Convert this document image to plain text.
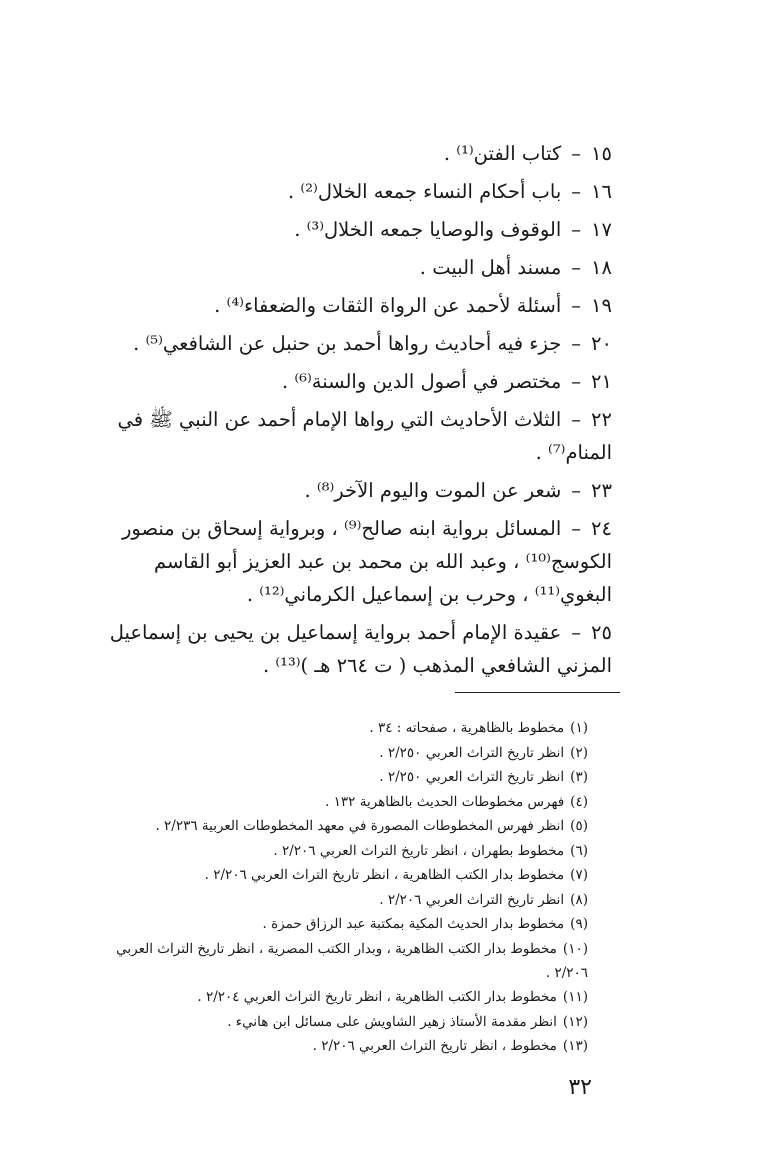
١٥–كتاب الفتن⁽¹⁾ .
١٦–باب أحكام النساء جمعه الخلال⁽²⁾ .
١٧–الوقوف والوصايا جمعه الخلال⁽³⁾ .
١٨–مسند أهل البيت .
١٩–أسئلة لأحمد عن الرواة الثقات والضعفاء⁽⁴⁾ .
٢٠–جزء فيه أحاديث رواها أحمد بن حنبل عن الشافعي⁽⁵⁾ .
٢١–مختصر في أصول الدين والسنة⁽⁶⁾ .
٢٢–الثلاث الأحاديث التي رواها الإمام أحمد عن النبي ﷺ في المنام⁽⁷⁾ .
٢٣–شعر عن الموت واليوم الآخر⁽⁸⁾ .
٢٤–المسائل برواية ابنه صالح⁽⁹⁾ ، وبرواية إسحاق بن منصور الكوسج⁽¹⁰⁾ ، وعبد الله بن محمد بن عبد العزيز أبو القاسم البغوي⁽¹¹⁾ ، وحرب بن إسماعيل الكرماني⁽¹²⁾ .
٢٥–عقيدة الإمام أحمد برواية إسماعيل بن يحيى بن إسماعيل المزني الشافعي المذهب ( ت ٢٦٤ هـ )⁽¹³⁾ .
(١)مخطوط بالظاهرية ، صفحاته : ٣٤ .
(٢)انظر تاريخ التراث العربي ٢/٢٥٠ .
(٣)انظر تاريخ التراث العربي ٢/٢٥٠ .
(٤)فهرس مخطوطات الحديث بالظاهرية ١٣٢ .
(٥)انظر فهرس المخطوطات المصورة في معهد المخطوطات العربية ٢/٢٣٦ .
(٦)مخطوط بطهران ، انظر تاريخ التراث العربي ٢/٢٠٦ .
(٧)مخطوط بدار الكتب الظاهرية ، انظر تاريخ التراث العربي ٢/٢٠٦ .
(٨)انظر تاريخ التراث العربي ٢/٢٠٦ .
(٩)مخطوط بدار الحديث المكية بمكتبة عبد الرزاق حمزة .
(١٠)مخطوط بدار الكتب الظاهرية ، وبدار الكتب المصرية ، انظر تاريخ التراث العربي ٢/٢٠٦ .
(١١)مخطوط بدار الكتب الظاهرية ، انظر تاريخ التراث العربي ٢/٢٠٤ .
(١٢)انظر مقدمة الأستاذ زهير الشاويش على مسائل ابن هانيء .
(١٣)مخطوط ، انظر تاريخ التراث العربي ٢/٢٠٦ .
٣٢
